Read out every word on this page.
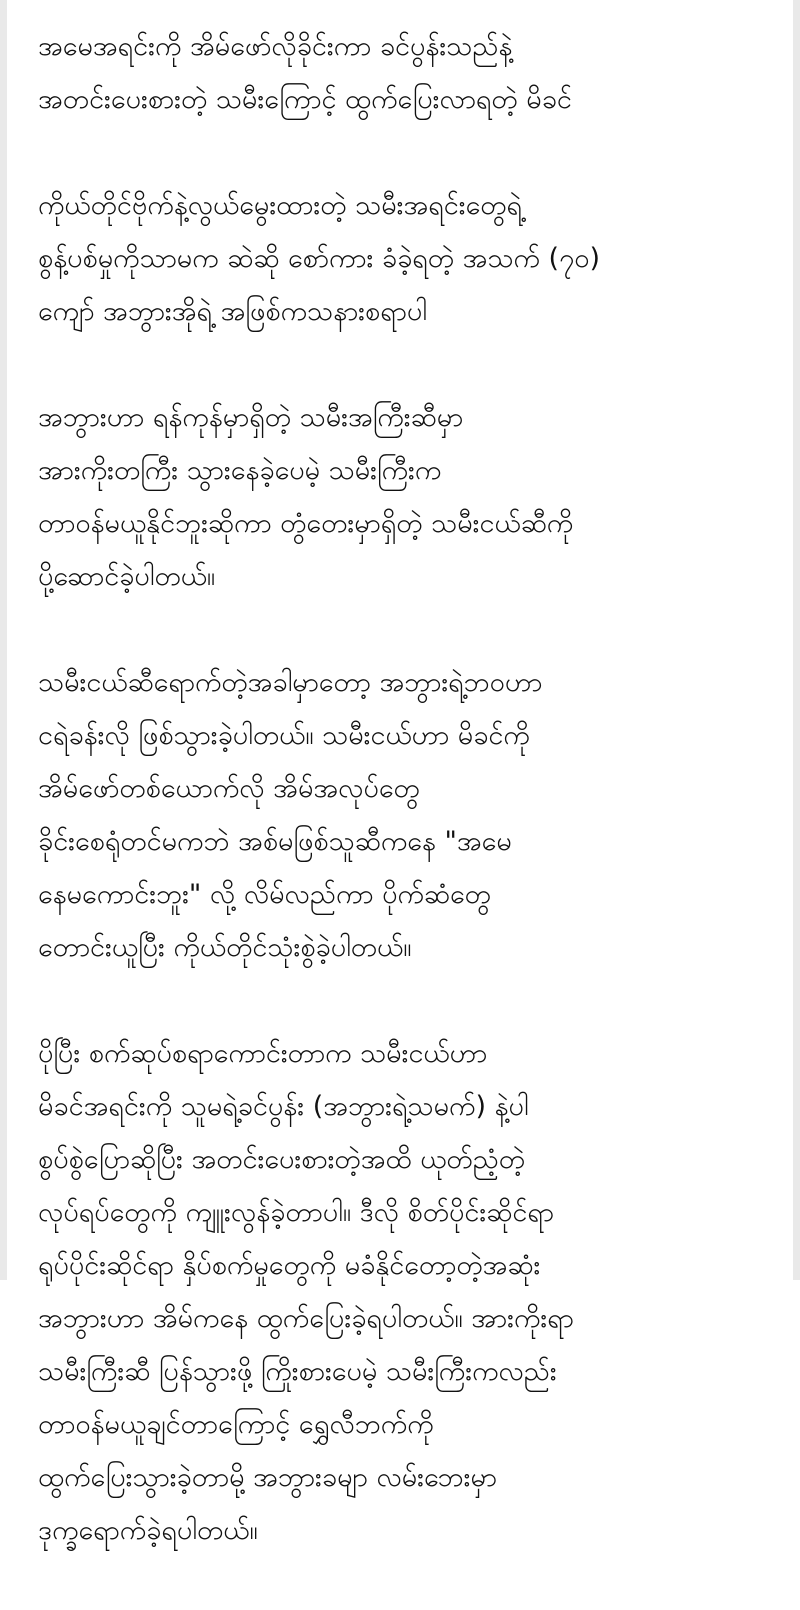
အမေအရင်းကို အိမ်ဖော်လိုခိုင်းကာ ခင်ပွန်းသည်နဲ့
အတင်းပေးစားတဲ့ သမီးကြောင့် ထွက်ပြေးလာရတဲ့ မိခင်

ကိုယ်တိုင်ဗိုက်နဲ့လွယ်မွေးထားတဲ့ သမီးအရင်းတွေရဲ့
စွန့်ပစ်မှုကိုသာမက ဆဲဆို စော်ကား ခံခဲ့ရတဲ့ အသက် (၇၀)
ကျော် အဘွားအိုရဲ့ အဖြစ်ကသနားစရာပါ

အဘွားဟာ ရန်ကုန်မှာရှိတဲ့ သမီးအကြီးဆီမှာ
အားကိုးတကြီး သွားနေခဲ့ပေမဲ့ သမီးကြီးက
တာဝန်မယူနိုင်ဘူးဆိုကာ တွံတေးမှာရှိတဲ့ သမီးငယ်ဆီကို
ပို့ဆောင်ခဲ့ပါတယ်။

သမီးငယ်ဆီရောက်တဲ့အခါမှာတော့ အဘွားရဲ့ဘဝဟာ
ငရဲခန်းလို ဖြစ်သွားခဲ့ပါတယ်။ သမီးငယ်ဟာ မိခင်ကို
အိမ်ဖော်တစ်ယောက်လို အိမ်အလုပ်တွေ
ခိုင်းစေရုံတင်မကဘဲ အစ်မဖြစ်သူဆီကနေ "အမေ
နေမကောင်းဘူး" လို့ လိမ်လည်ကာ ပိုက်ဆံတွေ
တောင်းယူပြီး ကိုယ်တိုင်သုံးစွဲခဲ့ပါတယ်။

ပိုပြီး စက်ဆုပ်စရာကောင်းတာက သမီးငယ်ဟာ
မိခင်အရင်းကို သူမရဲ့ခင်ပွန်း (အဘွားရဲ့သမက်) နဲ့ပါ
စွပ်စွဲပြောဆိုပြီး အတင်းပေးစားတဲ့အထိ ယုတ်ညံ့တဲ့
လုပ်ရပ်တွေကို ကျူးလွန်ခဲ့တာပါ။ ဒီလို စိတ်ပိုင်းဆိုင်ရာ
ရုပ်ပိုင်းဆိုင်ရာ နှိပ်စက်မှုတွေကို မခံနိုင်တော့တဲ့အဆုံး
အဘွားဟာ အိမ်ကနေ ထွက်ပြေးခဲ့ရပါတယ်။ အားကိုးရာ
သမီးကြီးဆီ ပြန်သွားဖို့ ကြိုးစားပေမဲ့ သမီးကြီးကလည်း
တာဝန်မယူချင်တာကြောင့် ရွှေလီဘက်ကို
ထွက်ပြေးသွားခဲ့တာမို့ အဘွားခမျာ လမ်းဘေးမှာ
ဒုက္ခရောက်ခဲ့ရပါတယ်။
